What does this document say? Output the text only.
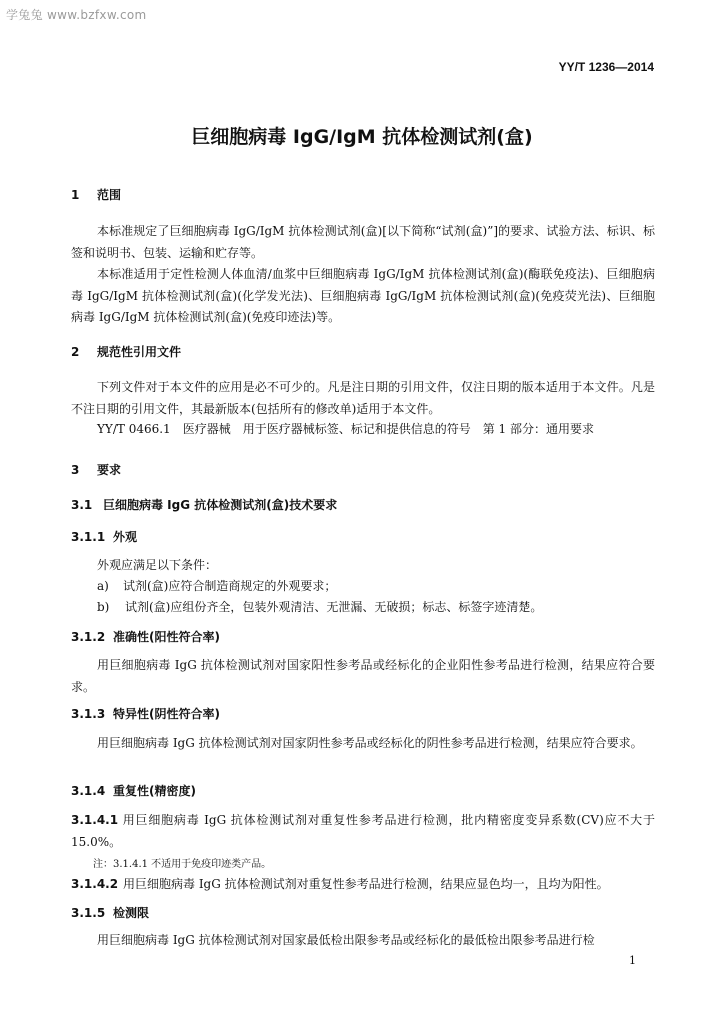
学兔兔 www.bzfxw.com
YY/T 1236—2014
巨细胞病毒 IgG/IgM 抗体检测试剂(盒)
1 范围
本标准规定了巨细胞病毒 IgG/IgM 抗体检测试剂(盒)[以下简称“试剂(盒)”]的要求、试验方法、标识、标签和说明书、包装、运输和贮存等。
本标准适用于定性检测人体血清/血浆中巨细胞病毒 IgG/IgM 抗体检测试剂(盒)(酶联免疫法)、巨细胞病毒 IgG/IgM 抗体检测试剂(盒)(化学发光法)、巨细胞病毒 IgG/IgM 抗体检测试剂(盒)(免疫荧光法)、巨细胞病毒 IgG/IgM 抗体检测试剂(盒)(免疫印迹法)等。
2 规范性引用文件
下列文件对于本文件的应用是必不可少的。凡是注日期的引用文件，仅注日期的版本适用于本文件。凡是不注日期的引用文件，其最新版本(包括所有的修改单)适用于本文件。
YY/T 0466.1　医疗器械　用于医疗器械标签、标记和提供信息的符号　第 1 部分：通用要求
3 要求
3.1 巨细胞病毒 IgG 抗体检测试剂(盒)技术要求
3.1.1 外观
外观应满足以下条件：
a) 试剂(盒)应符合制造商规定的外观要求；
b) 试剂(盒)应组份齐全，包装外观清洁、无泄漏、无破损；标志、标签字迹清楚。
3.1.2 准确性(阳性符合率)
用巨细胞病毒 IgG 抗体检测试剂对国家阳性参考品或经标化的企业阳性参考品进行检测，结果应符合要求。
3.1.3 特异性(阴性符合率)
用巨细胞病毒 IgG 抗体检测试剂对国家阴性参考品或经标化的阴性参考品进行检测，结果应符合要求。
3.1.4 重复性(精密度)
3.1.4.1 用巨细胞病毒 IgG 抗体检测试剂对重复性参考品进行检测，批内精密度变异系数(CV)应不大于 15.0%。
注：3.1.4.1 不适用于免疫印迹类产品。
3.1.4.2 用巨细胞病毒 IgG 抗体检测试剂对重复性参考品进行检测，结果应显色均一，且均为阳性。
3.1.5 检测限
用巨细胞病毒 IgG 抗体检测试剂对国家最低检出限参考品或经标化的最低检出限参考品进行检
1
